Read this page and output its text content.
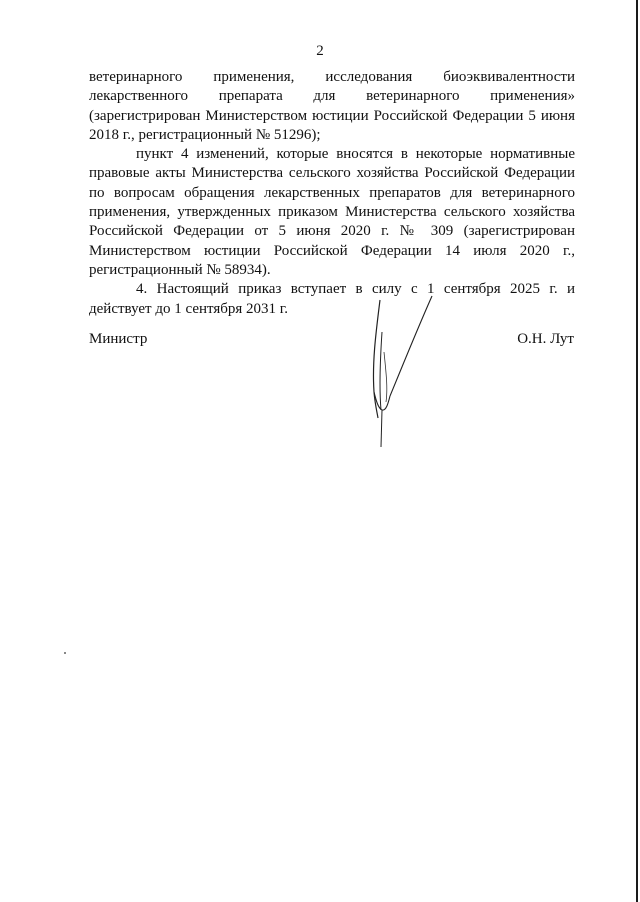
2

ветеринарного применения, исследования биоэквивалентности лекарственного препарата для ветеринарного применения» (зарегистрирован Министерством юстиции Российской Федерации 5 июня 2018 г., регистрационный № 51296);

пункт 4 изменений, которые вносятся в некоторые нормативные правовые акты Министерства сельского хозяйства Российской Федерации по вопросам обращения лекарственных препаратов для ветеринарного применения, утвержденных приказом Министерства сельского хозяйства Российской Федерации от 5 июня 2020 г. № 309 (зарегистрирован Министерством юстиции Российской Федерации 14 июля 2020 г., регистрационный № 58934).

4. Настоящий приказ вступает в силу с 1 сентября 2025 г. и действует до 1 сентября 2031 г.

Министр	О.Н. Лут
